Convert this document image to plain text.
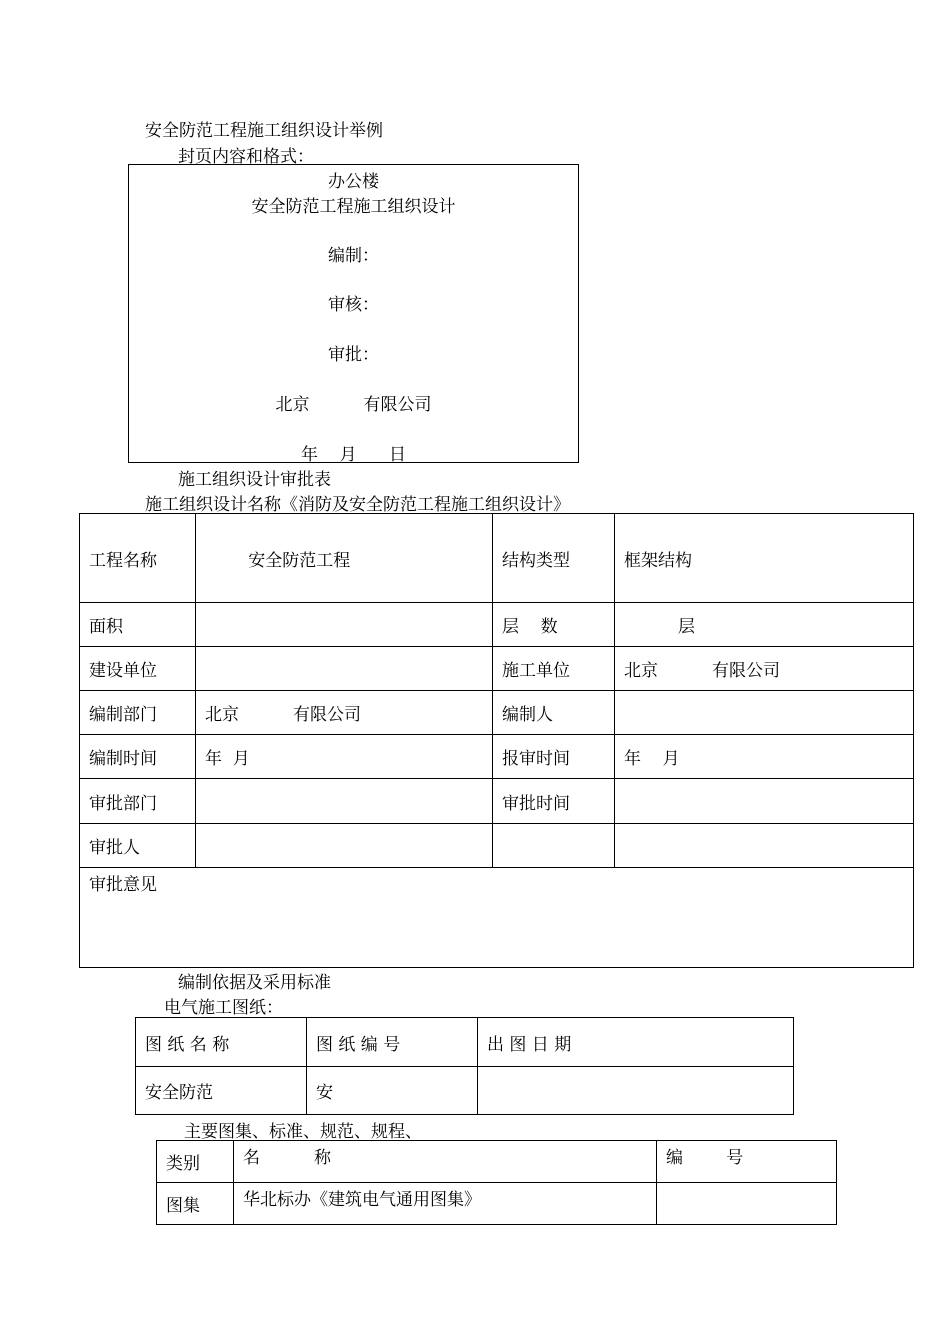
安全防范工程施工组织设计举例
封页内容和格式：
办公楼
安全防范工程施工组织设计
编制：
审核：
审批：
北京          有限公司
年    月      日
施工组织设计审批表
施工组织设计名称《消防及安全防范工程施工组织设计》
工程名称	安全防范工程	结构类型	框架结构
面积		层    数	层
建设单位		施工单位	北京          有限公司
编制部门	北京          有限公司	编制人	
编制时间	年  月	报审时间	年    月
审批部门		审批时间	
审批人			
审批意见			
编制依据及采用标准
电气施工图纸：
图 纸 名 称	图 纸 编 号	出 图 日 期
安全防范	安	
主要图集、标准、规范、规程、
类别	名          称	编        号
图集	华北标办《建筑电气通用图集》	
